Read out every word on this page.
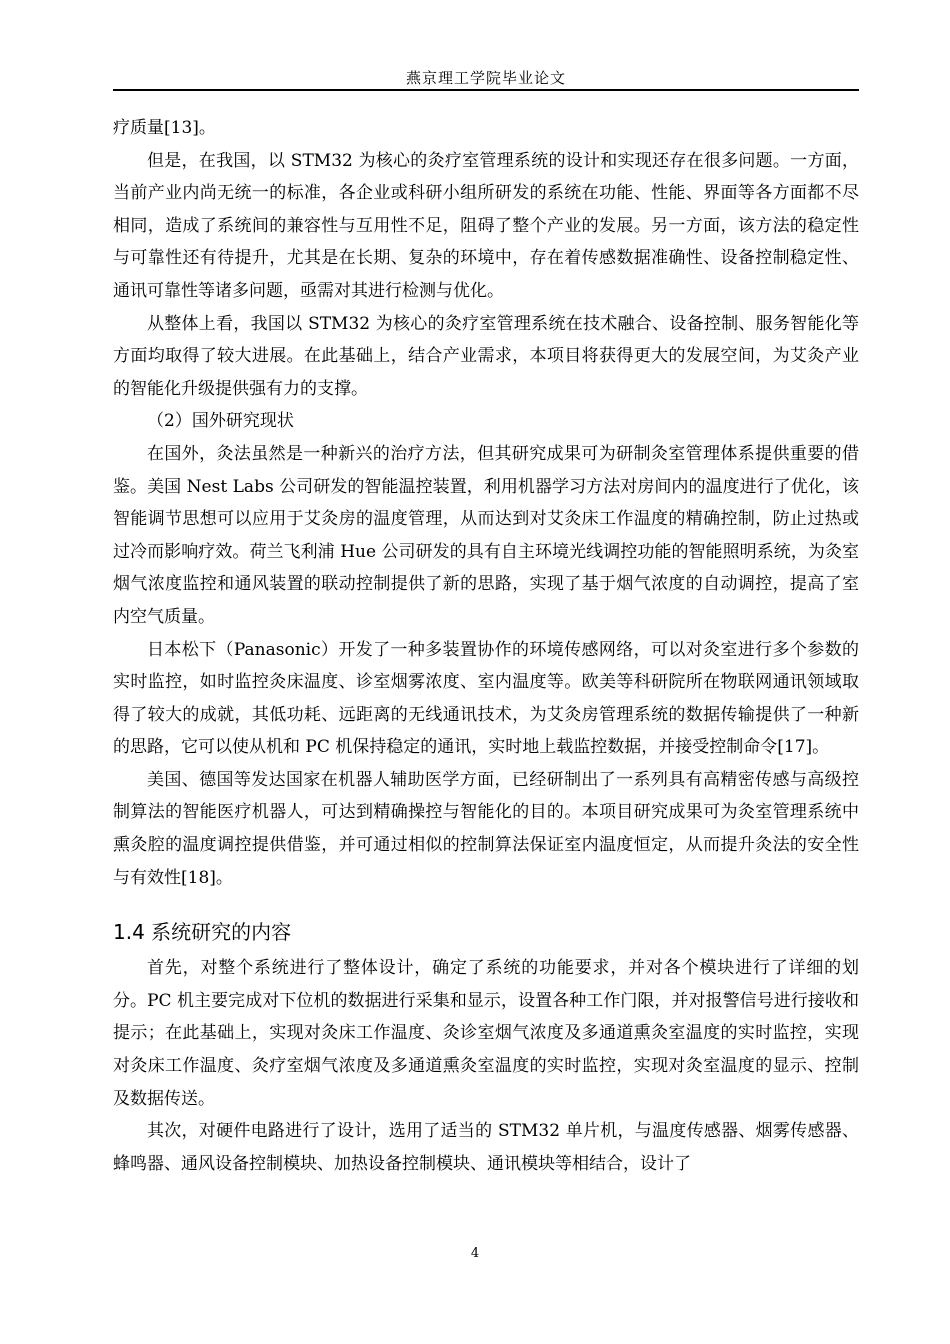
燕京理工学院毕业论文

疗质量[13]。

但是，在我国，以 STM32 为核心的灸疗室管理系统的设计和实现还存在很多问题。一方面，当前产业内尚无统一的标准，各企业或科研小组所研发的系统在功能、性能、界面等各方面都不尽相同，造成了系统间的兼容性与互用性不足，阻碍了整个产业的发展。另一方面，该方法的稳定性与可靠性还有待提升，尤其是在长期、复杂的环境中，存在着传感数据准确性、设备控制稳定性、通讯可靠性等诸多问题，亟需对其进行检测与优化。

从整体上看，我国以 STM32 为核心的灸疗室管理系统在技术融合、设备控制、服务智能化等方面均取得了较大进展。在此基础上，结合产业需求，本项目将获得更大的发展空间，为艾灸产业的智能化升级提供强有力的支撑。

（2）国外研究现状

在国外，灸法虽然是一种新兴的治疗方法，但其研究成果可为研制灸室管理体系提供重要的借鉴。美国 Nest Labs 公司研发的智能温控装置，利用机器学习方法对房间内的温度进行了优化，该智能调节思想可以应用于艾灸房的温度管理，从而达到对艾灸床工作温度的精确控制，防止过热或过冷而影响疗效。荷兰飞利浦 Hue 公司研发的具有自主环境光线调控功能的智能照明系统，为灸室烟气浓度监控和通风装置的联动控制提供了新的思路，实现了基于烟气浓度的自动调控，提高了室内空气质量。

日本松下（Panasonic）开发了一种多装置协作的环境传感网络，可以对灸室进行多个参数的实时监控，如时监控灸床温度、诊室烟雾浓度、室内温度等。欧美等科研院所在物联网通讯领域取得了较大的成就，其低功耗、远距离的无线通讯技术，为艾灸房管理系统的数据传输提供了一种新的思路，它可以使从机和 PC 机保持稳定的通讯，实时地上载监控数据，并接受控制命令[17]。

美国、德国等发达国家在机器人辅助医学方面，已经研制出了一系列具有高精密传感与高级控制算法的智能医疗机器人，可达到精确操控与智能化的目的。本项目研究成果可为灸室管理系统中熏灸腔的温度调控提供借鉴，并可通过相似的控制算法保证室内温度恒定，从而提升灸法的安全性与有效性[18]。

1.4 系统研究的内容

首先，对整个系统进行了整体设计，确定了系统的功能要求，并对各个模块进行了详细的划分。PC 机主要完成对下位机的数据进行采集和显示，设置各种工作门限，并对报警信号进行接收和提示；在此基础上，实现对灸床工作温度、灸诊室烟气浓度及多通道熏灸室温度的实时监控，实现对灸床工作温度、灸疗室烟气浓度及多通道熏灸室温度的实时监控，实现对灸室温度的显示、控制及数据传送。

其次，对硬件电路进行了设计，选用了适当的 STM32 单片机，与温度传感器、烟雾传感器、蜂鸣器、通风设备控制模块、加热设备控制模块、通讯模块等相结合，设计了

4
